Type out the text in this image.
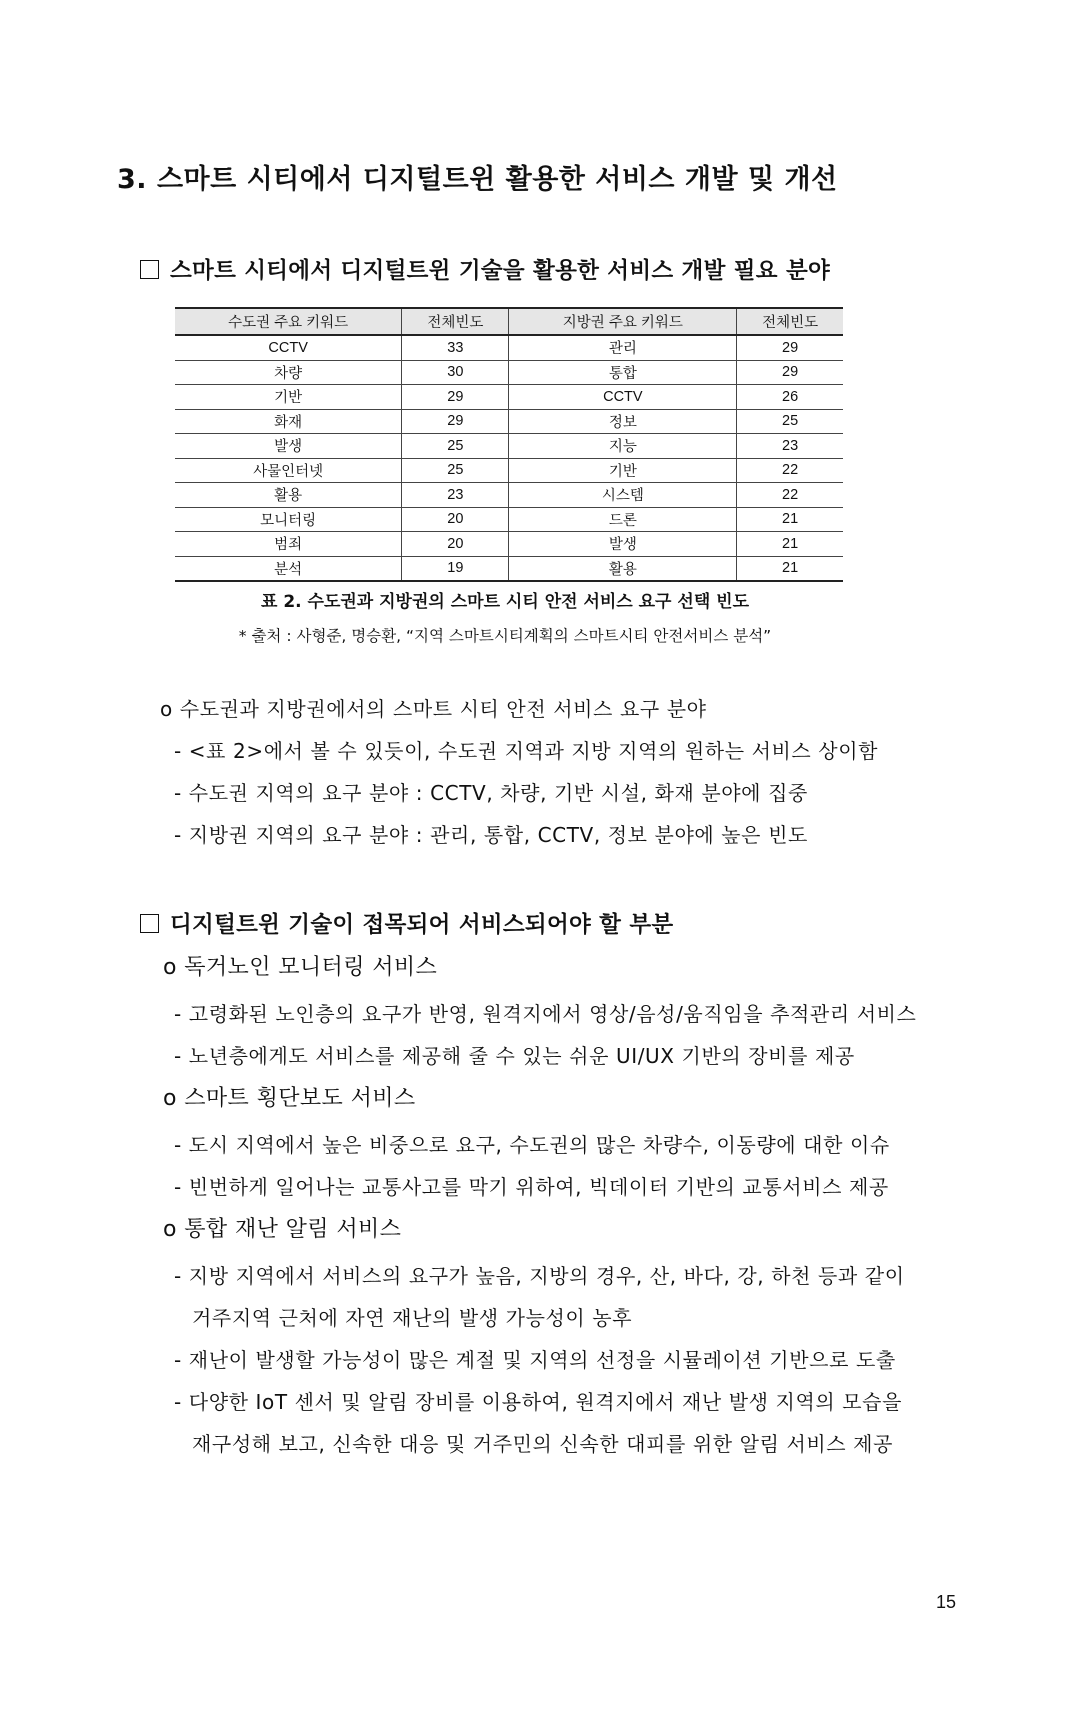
3. 스마트 시티에서 디지털트윈 활용한 서비스 개발 및 개선
스마트 시티에서 디지털트윈 기술을 활용한 서비스 개발 필요 분야
수도권 주요 키워드	전체빈도	지방권 주요 키워드	전체빈도
CCTV	33	관리	29
차량	30	통합	29
기반	29	CCTV	26
화재	29	정보	25
발생	25	지능	23
사물인터넷	25	기반	22
활용	23	시스템	22
모니터링	20	드론	21
범죄	20	발생	21
분석	19	활용	21
표 2. 수도권과 지방권의 스마트 시티 안전 서비스 요구 선택 빈도
* 출처 : 사형준, 명승환, “지역 스마트시티계획의 스마트시티 안전서비스 분석”
o 수도권과 지방권에서의 스마트 시티 안전 서비스 요구 분야
- <표 2>에서 볼 수 있듯이, 수도권 지역과 지방 지역의 원하는 서비스 상이함
- 수도권 지역의 요구 분야 : CCTV, 차량, 기반 시설, 화재 분야에 집중
- 지방권 지역의 요구 분야 : 관리, 통합, CCTV, 정보 분야에 높은 빈도
디지털트윈 기술이 접목되어 서비스되어야 할 부분
o 독거노인 모니터링 서비스
- 고령화된 노인층의 요구가 반영, 원격지에서 영상/음성/움직임을 추적관리 서비스
- 노년층에게도 서비스를 제공해 줄 수 있는 쉬운 UI/UX 기반의 장비를 제공
o 스마트 횡단보도 서비스
- 도시 지역에서 높은 비중으로 요구, 수도권의 많은 차량수, 이동량에 대한 이슈
- 빈번하게 일어나는 교통사고를 막기 위하여, 빅데이터 기반의 교통서비스 제공
o 통합 재난 알림 서비스
- 지방 지역에서 서비스의 요구가 높음, 지방의 경우, 산, 바다, 강, 하천 등과 같이
거주지역 근처에 자연 재난의 발생 가능성이 농후
- 재난이 발생할 가능성이 많은 계절 및 지역의 선정을 시뮬레이션 기반으로 도출
- 다양한 IoT 센서 및 알림 장비를 이용하여, 원격지에서 재난 발생 지역의 모습을
재구성해 보고, 신속한 대응 및 거주민의 신속한 대피를 위한 알림 서비스 제공
15
